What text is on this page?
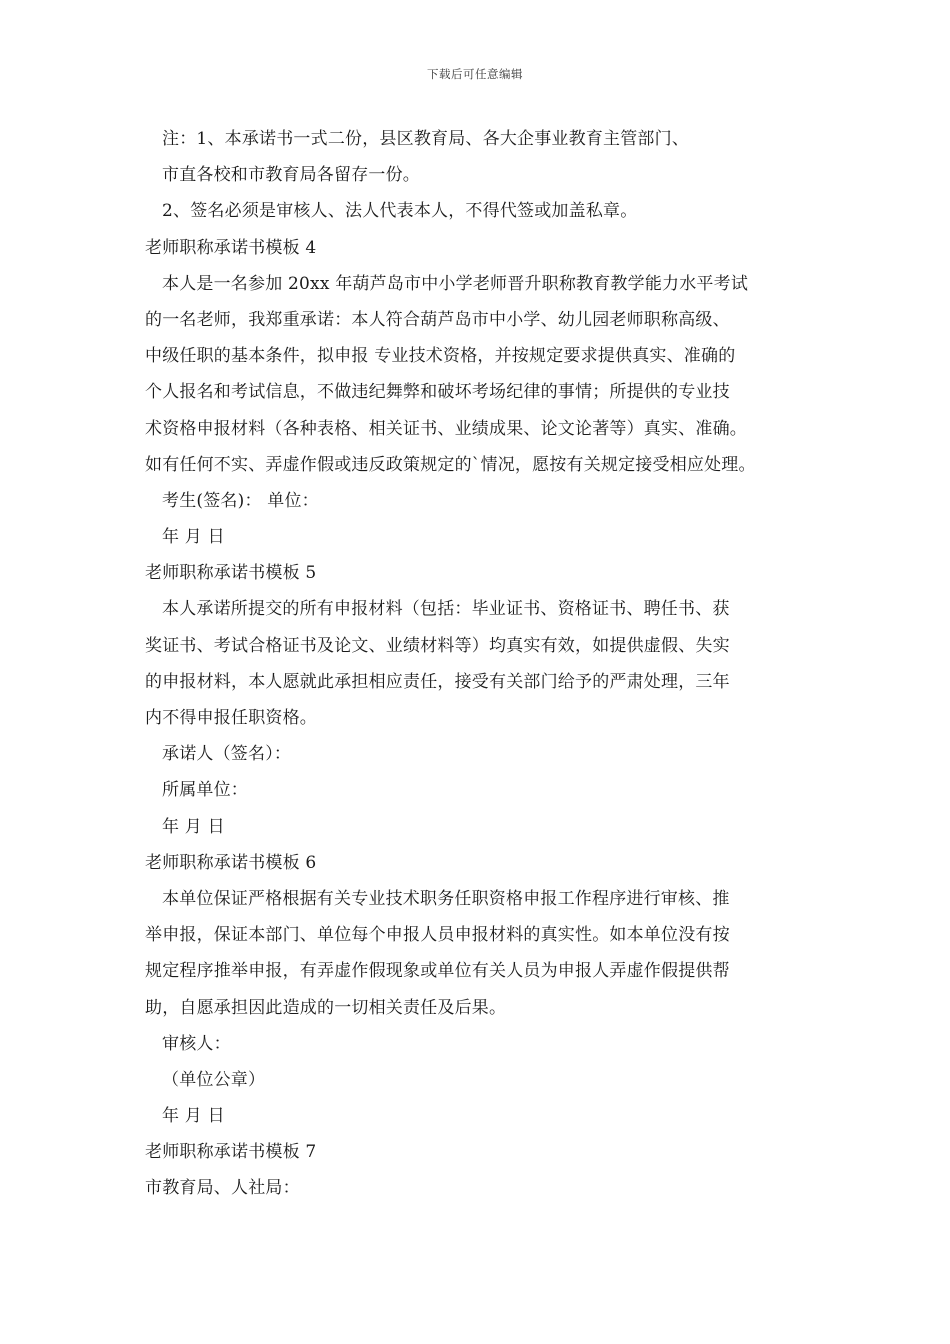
下载后可任意编辑
注：1、本承诺书一式二份，县区教育局、各大企事业教育主管部门、
市直各校和市教育局各留存一份。
2、签名必须是审核人、法人代表本人，不得代签或加盖私章。
老师职称承诺书模板 4
本人是一名参加 20xx 年葫芦岛市中小学老师晋升职称教育教学能力水平考试
的一名老师，我郑重承诺：本人符合葫芦岛市中小学、幼儿园老师职称高级、
中级任职的基本条件，拟申报 专业技术资格，并按规定要求提供真实、准确的
个人报名和考试信息，不做违纪舞弊和破坏考场纪律的事情；所提供的专业技
术资格申报材料（各种表格、相关证书、业绩成果、论文论著等）真实、准确。
如有任何不实、弄虚作假或违反政策规定的`情况，愿按有关规定接受相应处理。
考生(签名)： 单位：
年 月 日
老师职称承诺书模板 5
本人承诺所提交的所有申报材料（包括：毕业证书、资格证书、聘任书、获
奖证书、考试合格证书及论文、业绩材料等）均真实有效，如提供虚假、失实
的申报材料，本人愿就此承担相应责任，接受有关部门给予的严肃处理，三年
内不得申报任职资格。
承诺人（签名）：
所属单位：
年 月 日
老师职称承诺书模板 6
本单位保证严格根据有关专业技术职务任职资格申报工作程序进行审核、推
举申报，保证本部门、单位每个申报人员申报材料的真实性。如本单位没有按
规定程序推举申报，有弄虚作假现象或单位有关人员为申报人弄虚作假提供帮
助，自愿承担因此造成的一切相关责任及后果。
审核人：
（单位公章）
年 月 日
老师职称承诺书模板 7
市教育局、人社局：
